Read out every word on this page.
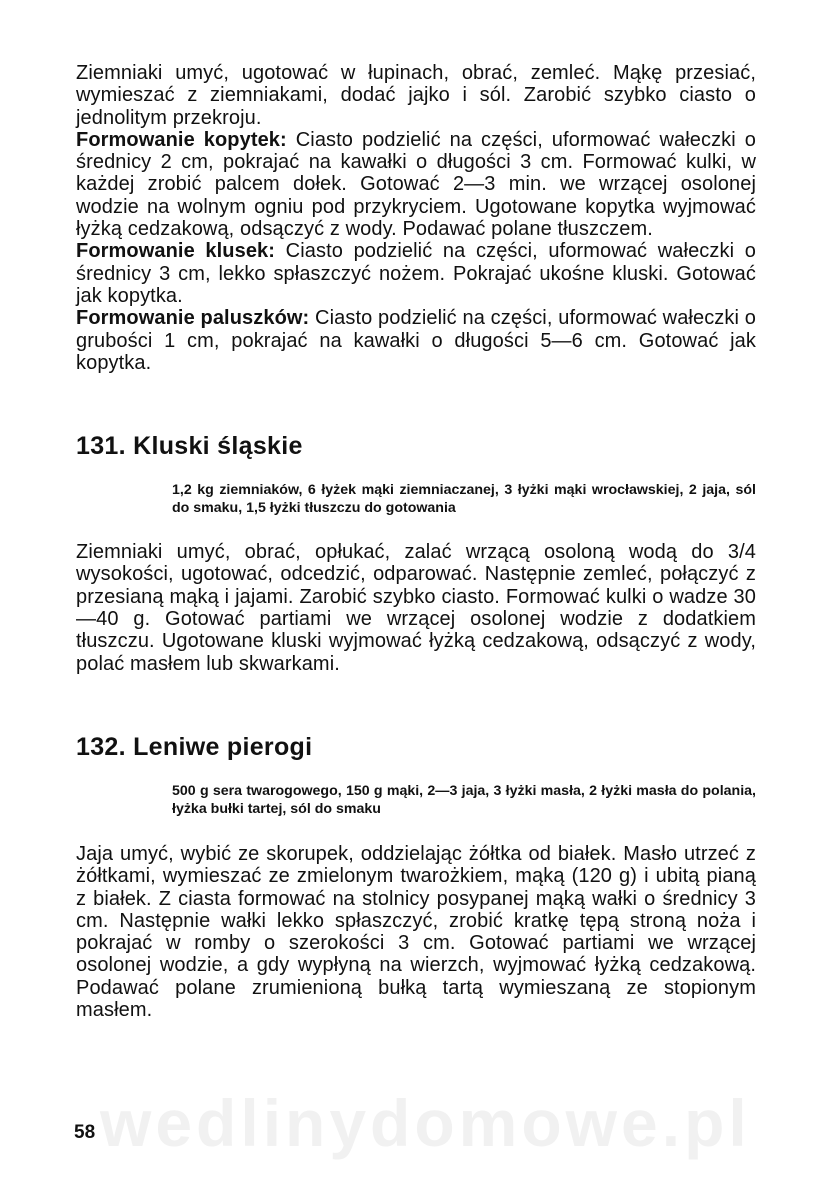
wedlinydomowe.pl

Ziemniaki umyć, ugotować w łupinach, obrać, zemleć. Mąkę przesiać, wymieszać z ziemniakami, dodać jajko i sól. Zarobić szybko ciasto o jednolitym przekroju.
Formowanie kopytek: Ciasto podzielić na części, uformować wałeczki o średnicy 2 cm, pokrajać na kawałki o długości 3 cm. Formować kulki, w każdej zrobić palcem dołek. Gotować 2—3 min. we wrzącej osolonej wodzie na wolnym ogniu pod przykryciem. Ugotowane kopytka wyjmować łyżką cedzakową, odsączyć z wody. Podawać polane tłuszczem.
Formowanie klusek: Ciasto podzielić na części, uformować wałeczki o średnicy 3 cm, lekko spłaszczyć nożem. Pokrajać ukośne kluski. Gotować jak kopytka.
Formowanie paluszków: Ciasto podzielić na części, uformować wałeczki o grubości 1 cm, pokrajać na kawałki o długości 5—6 cm. Gotować jak kopytka.

131. Kluski śląskie

1,2 kg ziemniaków, 6 łyżek mąki ziemniaczanej, 3 łyżki mąki wrocławskiej, 2 jaja, sól do smaku, 1,5 łyżki tłuszczu do gotowania

Ziemniaki umyć, obrać, opłukać, zalać wrzącą osoloną wodą do 3/4 wysokości, ugotować, odcedzić, odparować. Następnie zemleć, połączyć z przesianą mąką i jajami. Zarobić szybko ciasto. Formować kulki o wadze 30—40 g. Gotować partiami we wrzącej osolonej wodzie z dodatkiem tłuszczu. Ugotowane kluski wyjmować łyżką cedzakową, odsączyć z wody, polać masłem lub skwarkami.

132. Leniwe pierogi

500 g sera twarogowego, 150 g mąki, 2—3 jaja, 3 łyżki masła, 2 łyżki masła do polania, łyżka bułki tartej, sól do smaku

Jaja umyć, wybić ze skorupek, oddzielając żółtka od białek. Masło utrzeć z żółtkami, wymieszać ze zmielonym twarożkiem, mąką (120 g) i ubitą pianą z białek. Z ciasta formować na stolnicy posypanej mąką wałki o średnicy 3 cm. Następnie wałki lekko spłaszczyć, zrobić kratkę tępą stroną noża i pokrajać w romby o szerokości 3 cm. Gotować partiami we wrzącej osolonej wodzie, a gdy wypłyną na wierzch, wyjmować łyżką cedzakową. Podawać polane zrumienioną bułką tartą wymieszaną ze stopionym masłem.

58
